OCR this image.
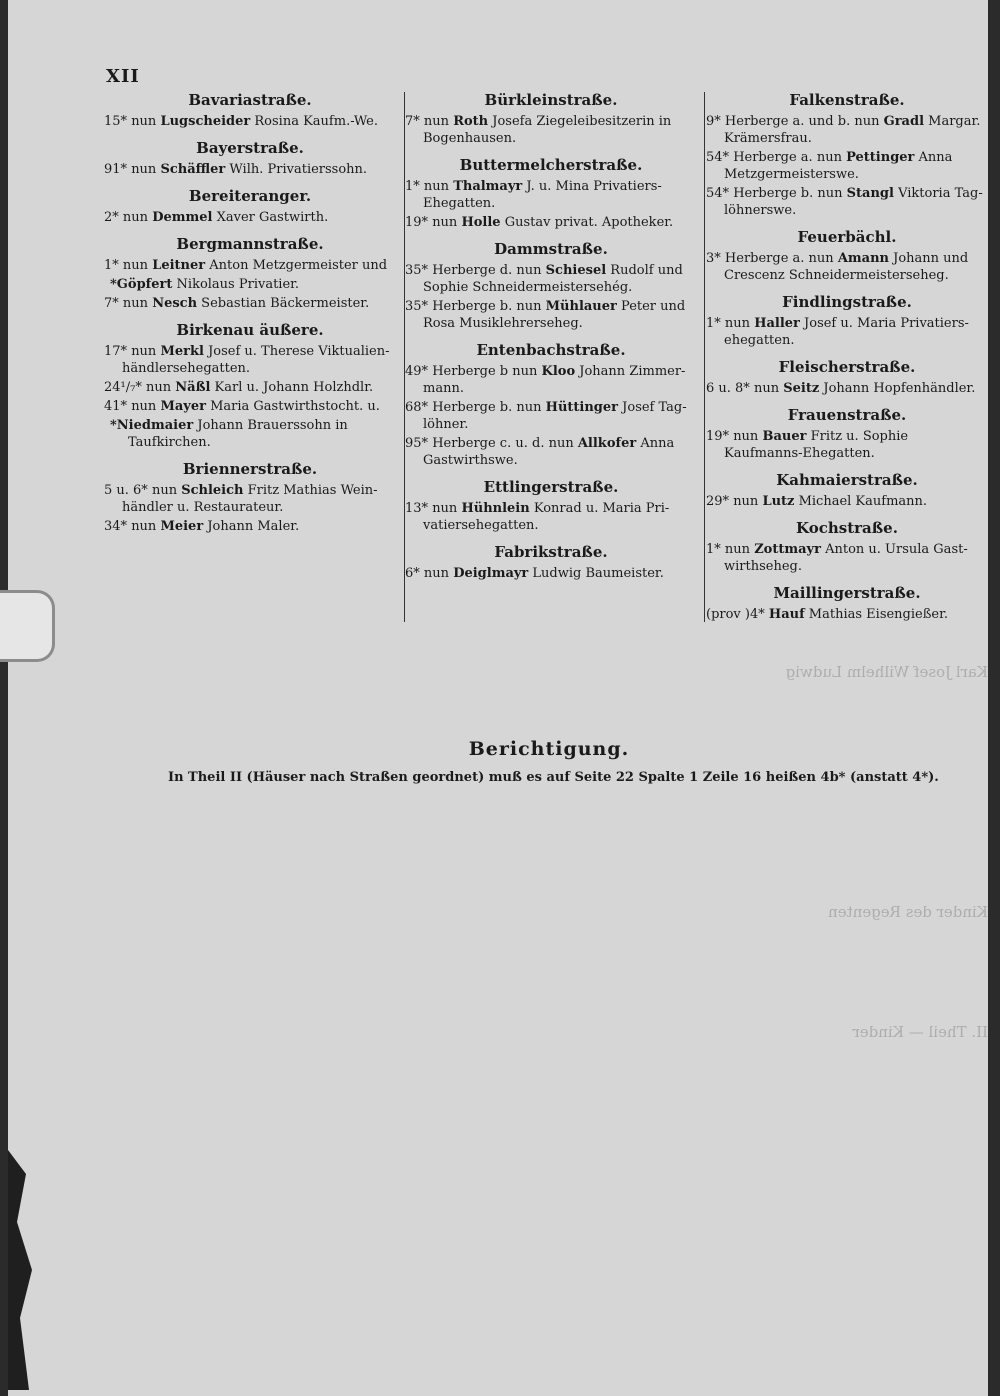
Karl Josef Wilhelm Ludwig
Kinder des Regenten
II. Theil — Kinder
XII
Bavariastraße.
15* nun Lugscheider Rosina Kaufm.-We.
Bayerstraße.
91* nun Schäffler Wilh. Privatierssohn.
Bereiteranger.
2* nun Demmel Xaver Gastwirth.
Bergmannstraße.
1* nun Leitner Anton Metzgermeister und
*Göpfert Nikolaus Privatier.
7* nun Nesch Sebastian Bäckermeister.
Birkenau äußere.
17* nun Merkl Josef u. Therese Viktualien-händlersehegatten.
24¹/₇* nun Näßl Karl u. Johann Holzhdlr.
41* nun Mayer Maria Gastwirthstocht. u.
*Niedmaier Johann Brauerssohn in Taufkirchen.
Briennerstraße.
5 u. 6* nun Schleich Fritz Mathias Wein-händler u. Restaurateur.
34* nun Meier Johann Maler.
Bürkleinstraße.
7* nun Roth Josefa Ziegeleibesitzerin in Bogenhausen.
Buttermelcherstraße.
1* nun Thalmayr J. u. Mina Privatiers-Ehegatten.
19* nun Holle Gustav privat. Apotheker.
Dammstraße.
35* Herberge d. nun Schiesel Rudolf und Sophie Schneidermeistersehég.
35* Herberge b. nun Mühlauer Peter und Rosa Musiklehrerseheg.
Entenbachstraße.
49* Herberge b nun Kloo Johann Zimmer-mann.
68* Herberge b. nun Hüttinger Josef Tag-löhner.
95* Herberge c. u. d. nun Allkofer Anna Gastwirthswe.
Ettlingerstraße.
13* nun Hühnlein Konrad u. Maria Pri-vatiersehegatten.
Fabrikstraße.
6* nun Deiglmayr Ludwig Baumeister.
Falkenstraße.
9* Herberge a. und b. nun Gradl Margar. Krämersfrau.
54* Herberge a. nun Pettinger Anna Metzgermeisterswe.
54* Herberge b. nun Stangl Viktoria Tag-löhnerswe.
Feuerbächl.
3* Herberge a. nun Amann Johann und Crescenz Schneidermeisterseheg.
Findlingstraße.
1* nun Haller Josef u. Maria Privatiers-ehegatten.
Fleischerstraße.
6 u. 8* nun Seitz Johann Hopfenhändler.
Frauenstraße.
19* nun Bauer Fritz u. Sophie Kaufmanns-Ehegatten.
Kahmaierstraße.
29* nun Lutz Michael Kaufmann.
Kochstraße.
1* nun Zottmayr Anton u. Ursula Gast-wirthseheg.
Maillingerstraße.
(prov )4* Hauf Mathias Eisengießer.
Berichtigung.
In Theil II (Häuser nach Straßen geordnet) muß es auf Seite 22 Spalte 1 Zeile 16 heißen 4b* (anstatt 4*).
